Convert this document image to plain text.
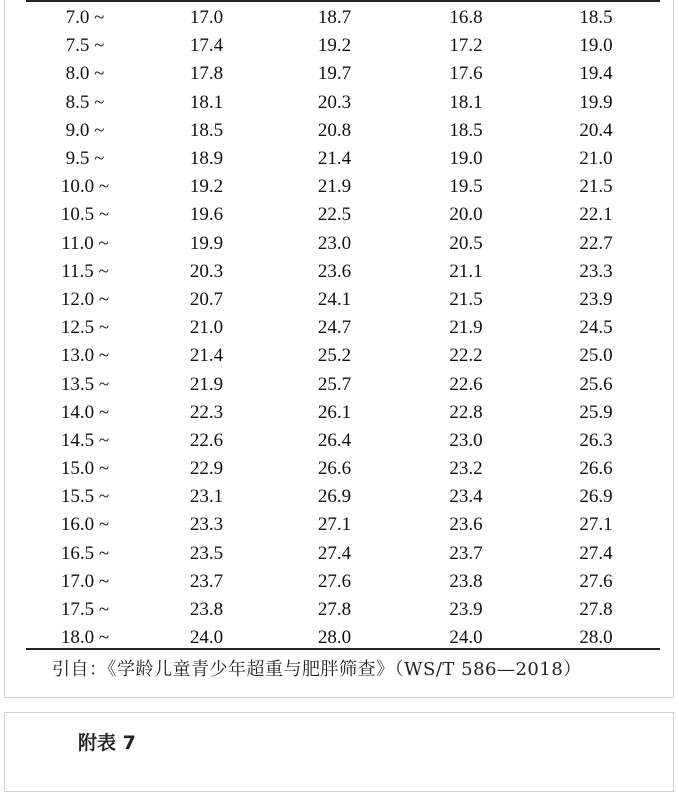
7.0 ~	17.0	18.7	16.8	18.5
7.5 ~	17.4	19.2	17.2	19.0
8.0 ~	17.8	19.7	17.6	19.4
8.5 ~	18.1	20.3	18.1	19.9
9.0 ~	18.5	20.8	18.5	20.4
9.5 ~	18.9	21.4	19.0	21.0
10.0 ~	19.2	21.9	19.5	21.5
10.5 ~	19.6	22.5	20.0	22.1
11.0 ~	19.9	23.0	20.5	22.7
11.5 ~	20.3	23.6	21.1	23.3
12.0 ~	20.7	24.1	21.5	23.9
12.5 ~	21.0	24.7	21.9	24.5
13.0 ~	21.4	25.2	22.2	25.0
13.5 ~	21.9	25.7	22.6	25.6
14.0 ~	22.3	26.1	22.8	25.9
14.5 ~	22.6	26.4	23.0	26.3
15.0 ~	22.9	26.6	23.2	26.6
15.5 ~	23.1	26.9	23.4	26.9
16.0 ~	23.3	27.1	23.6	27.1
16.5 ~	23.5	27.4	23.7	27.4
17.0 ~	23.7	27.6	23.8	27.6
17.5 ~	23.8	27.8	23.9	27.8
18.0 ~	24.0	28.0	24.0	28.0
引自：《学龄儿童青少年超重与肥胖筛查》（WS/T 586—2018）
附表 7
